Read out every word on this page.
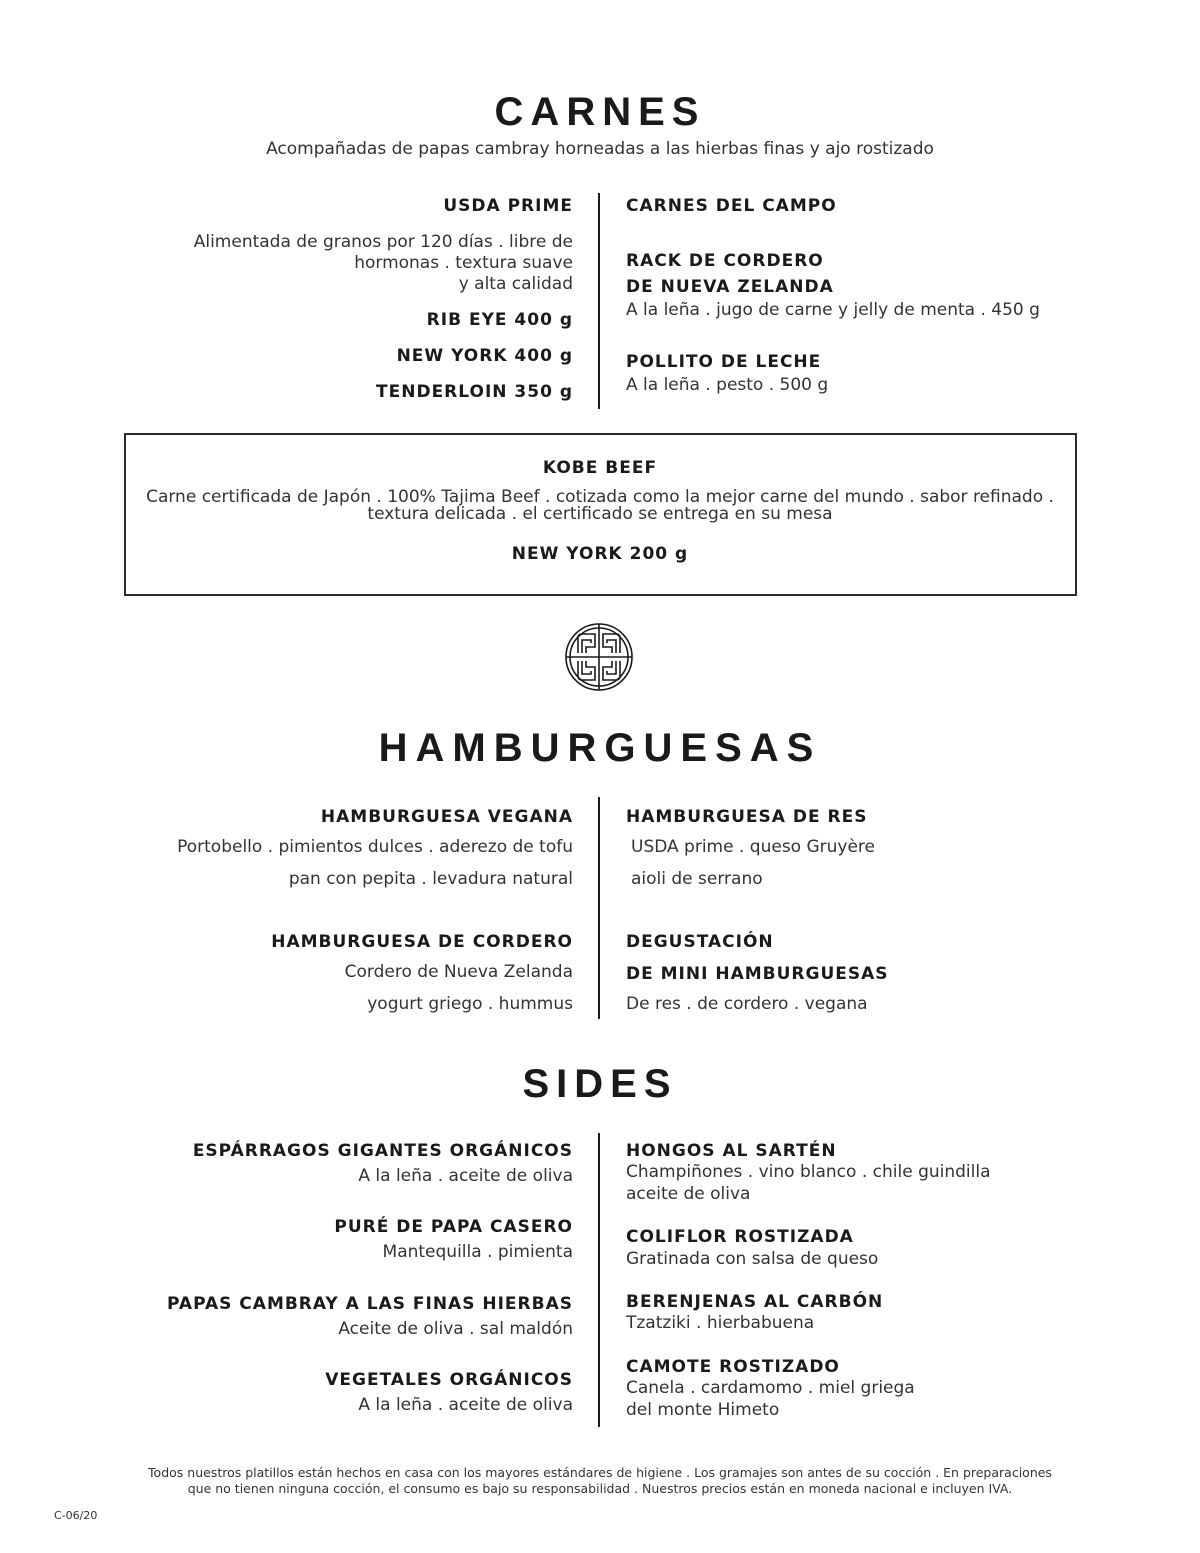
CARNES
Acompañadas de papas cambray horneadas a las hierbas finas y ajo rostizado
USDA PRIME
Alimentada de granos por 120 días . libre de
hormonas . textura suave
y alta calidad
RIB EYE 400 g
NEW YORK 400 g
TENDERLOIN 350 g
CARNES DEL CAMPO
RACK DE CORDERO
DE NUEVA ZELANDA
A la leña . jugo de carne y jelly de menta . 450 g
POLLITO DE LECHE
A la leña . pesto . 500 g
KOBE BEEF
Carne certificada de Japón . 100% Tajima Beef . cotizada como la mejor carne del mundo . sabor refinado .
textura delicada . el certificado se entrega en su mesa
NEW YORK 200 g
HAMBURGUESAS
HAMBURGUESA VEGANA
Portobello . pimientos dulces . aderezo de tofu
pan con pepita . levadura natural
HAMBURGUESA DE CORDERO
Cordero de Nueva Zelanda
yogurt griego . hummus
HAMBURGUESA DE RES
USDA prime . queso Gruyère
aioli de serrano
DEGUSTACIÓN
DE MINI HAMBURGUESAS
De res . de cordero . vegana
SIDES
ESPÁRRAGOS GIGANTES ORGÁNICOS
A la leña . aceite de oliva
PURÉ DE PAPA CASERO
Mantequilla . pimienta
PAPAS CAMBRAY A LAS FINAS HIERBAS
Aceite de oliva . sal maldón
VEGETALES ORGÁNICOS
A la leña . aceite de oliva
HONGOS AL SARTÉN
Champiñones . vino blanco . chile guindilla
aceite de oliva
COLIFLOR ROSTIZADA
Gratinada con salsa de queso
BERENJENAS AL CARBÓN
Tzatziki . hierbabuena
CAMOTE ROSTIZADO
Canela . cardamomo . miel griega
del monte Himeto
Todos nuestros platillos están hechos en casa con los mayores estándares de higiene . Los gramajes son antes de su cocción . En preparaciones
que no tienen ninguna cocción, el consumo es bajo su responsabilidad . Nuestros precios están en moneda nacional e incluyen IVA.
C-06/20
